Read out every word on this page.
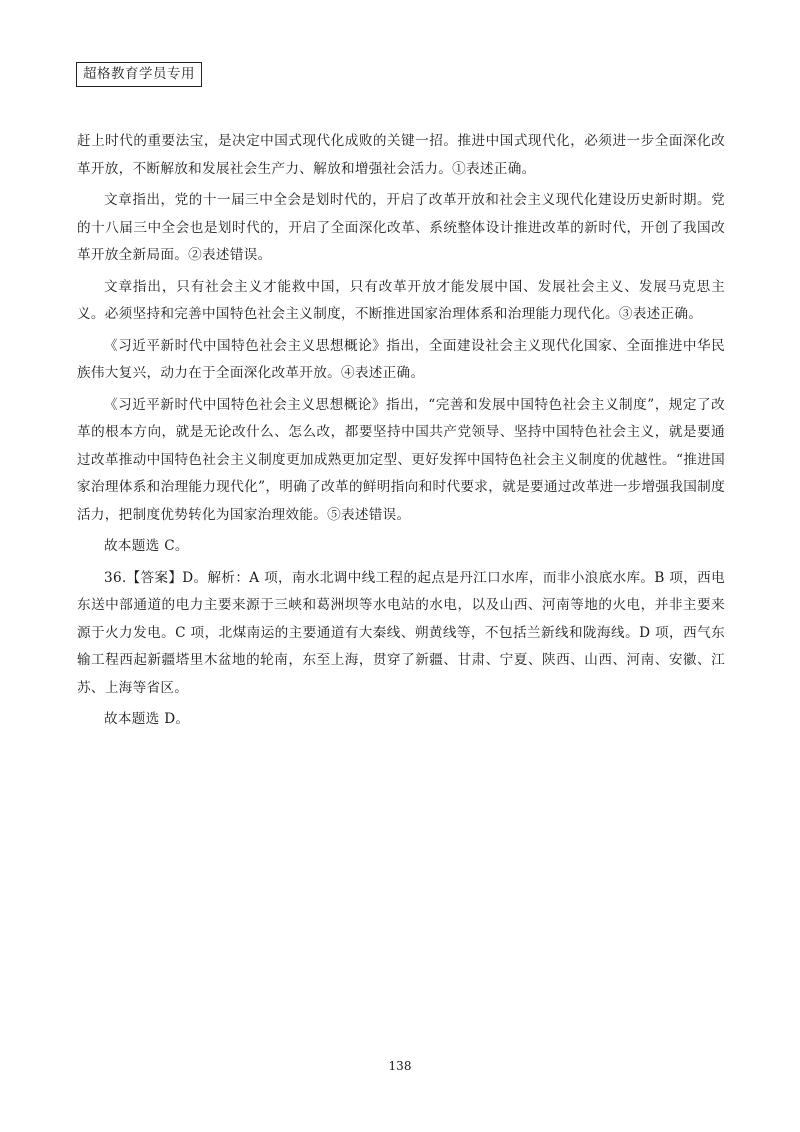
超格教育学员专用

赶上时代的重要法宝，是决定中国式现代化成败的关键一招。推进中国式现代化，必须进一步全面深化改革开放，不断解放和发展社会生产力、解放和增强社会活力。①表述正确。

文章指出，党的十一届三中全会是划时代的，开启了改革开放和社会主义现代化建设历史新时期。党的十八届三中全会也是划时代的，开启了全面深化改革、系统整体设计推进改革的新时代，开创了我国改革开放全新局面。②表述错误。

文章指出，只有社会主义才能救中国，只有改革开放才能发展中国、发展社会主义、发展马克思主义。必须坚持和完善中国特色社会主义制度，不断推进国家治理体系和治理能力现代化。③表述正确。

《习近平新时代中国特色社会主义思想概论》指出，全面建设社会主义现代化国家、全面推进中华民族伟大复兴，动力在于全面深化改革开放。④表述正确。

《习近平新时代中国特色社会主义思想概论》指出，“完善和发展中国特色社会主义制度”，规定了改革的根本方向，就是无论改什么、怎么改，都要坚持中国共产党领导、坚持中国特色社会主义，就是要通过改革推动中国特色社会主义制度更加成熟更加定型、更好发挥中国特色社会主义制度的优越性。“推进国家治理体系和治理能力现代化”，明确了改革的鲜明指向和时代要求，就是要通过改革进一步增强我国制度活力，把制度优势转化为国家治理效能。⑤表述错误。

故本题选 C。

36.【答案】D。解析：A 项，南水北调中线工程的起点是丹江口水库，而非小浪底水库。B 项，西电东送中部通道的电力主要来源于三峡和葛洲坝等水电站的水电，以及山西、河南等地的火电，并非主要来源于火力发电。C 项，北煤南运的主要通道有大秦线、朔黄线等，不包括兰新线和陇海线。D 项，西气东输工程西起新疆塔里木盆地的轮南，东至上海，贯穿了新疆、甘肃、宁夏、陕西、山西、河南、安徽、江苏、上海等省区。

故本题选 D。

138
